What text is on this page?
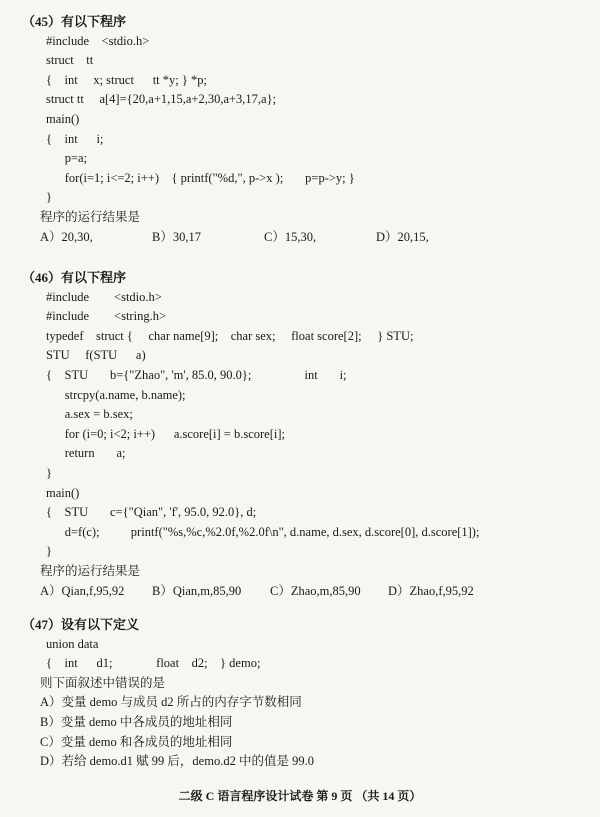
（45）有以下程序
#include    <stdio.h>
struct    tt
{    int     x; struct      tt *y; } *p;
struct tt     a[4]={20,a+1,15,a+2,30,a+3,17,a};
main()
{    int      i;
p=a;
for(i=1; i<=2; i++)    { printf("%d,", p->x );       p=p->y; }
}
程序的运行结果是
A）20,30,	B）30,17	C）15,30,	D）20,15,
（46）有以下程序
#include        <stdio.h>
#include        <string.h>
typedef    struct {     char name[9];    char sex;     float score[2];     } STU;
STU     f(STU      a)
{    STU       b={"Zhao", 'm', 85.0, 90.0};                 int       i;
strcpy(a.name, b.name);
a.sex = b.sex;
for (i=0; i<2; i++)      a.score[i] = b.score[i];
return       a;
}
main()
{    STU       c={"Qian", 'f', 95.0, 92.0}, d;
d=f(c);          printf("%s,%c,%2.0f,%2.0f\n", d.name, d.sex, d.score[0], d.score[1]);
}
程序的运行结果是
A）Qian,f,95,92	B）Qian,m,85,90	C）Zhao,m,85,90	D）Zhao,f,95,92
（47）设有以下定义
union data
{    int      d1;              float    d2;    } demo;
则下面叙述中错误的是
A）变量 demo 与成员 d2 所占的内存字节数相同
B）变量 demo 中各成员的地址相同
C）变量 demo 和各成员的地址相同
D）若给 demo.d1 赋 99 后，demo.d2 中的值是 99.0
二级 C 语言程序设计试卷 第 9 页 （共 14 页）
